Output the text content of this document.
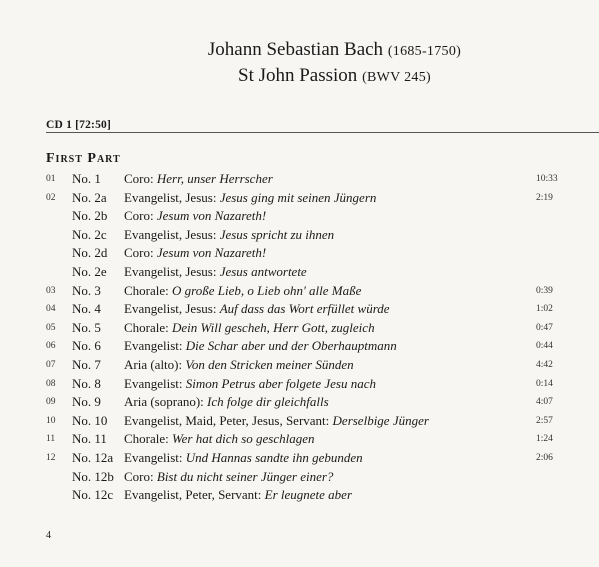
Johann Sebastian Bach (1685-1750)
St John Passion (BWV 245)
CD 1 [72:50]
First Part
01 No. 1 Coro: Herr, unser Herrscher	10:33
02 No. 2a Evangelist, Jesus: Jesus ging mit seinen Jüngern	2:19
No. 2b Coro: Jesum von Nazareth!
No. 2c Evangelist, Jesus: Jesus spricht zu ihnen
No. 2d Coro: Jesum von Nazareth!
No. 2e Evangelist, Jesus: Jesus antwortete
03 No. 3 Chorale: O große Lieb, o Lieb ohn' alle Maße	0:39
04 No. 4 Evangelist, Jesus: Auf dass das Wort erfüllet würde	1:02
05 No. 5 Chorale: Dein Will gescheh, Herr Gott, zugleich	0:47
06 No. 6 Evangelist: Die Schar aber und der Oberhauptmann	0:44
07 No. 7 Aria (alto): Von den Stricken meiner Sünden	4:42
08 No. 8 Evangelist: Simon Petrus aber folgete Jesu nach	0:14
09 No. 9 Aria (soprano): Ich folge dir gleichfalls	4:07
10 No. 10 Evangelist, Maid, Peter, Jesus, Servant: Derselbige Jünger	2:57
11 No. 11 Chorale: Wer hat dich so geschlagen	1:24
12 No. 12a Evangelist: Und Hannas sandte ihn gebunden	2:06
No. 12b Coro: Bist du nicht seiner Jünger einer?
No. 12c Evangelist, Peter, Servant: Er leugnete aber
4
